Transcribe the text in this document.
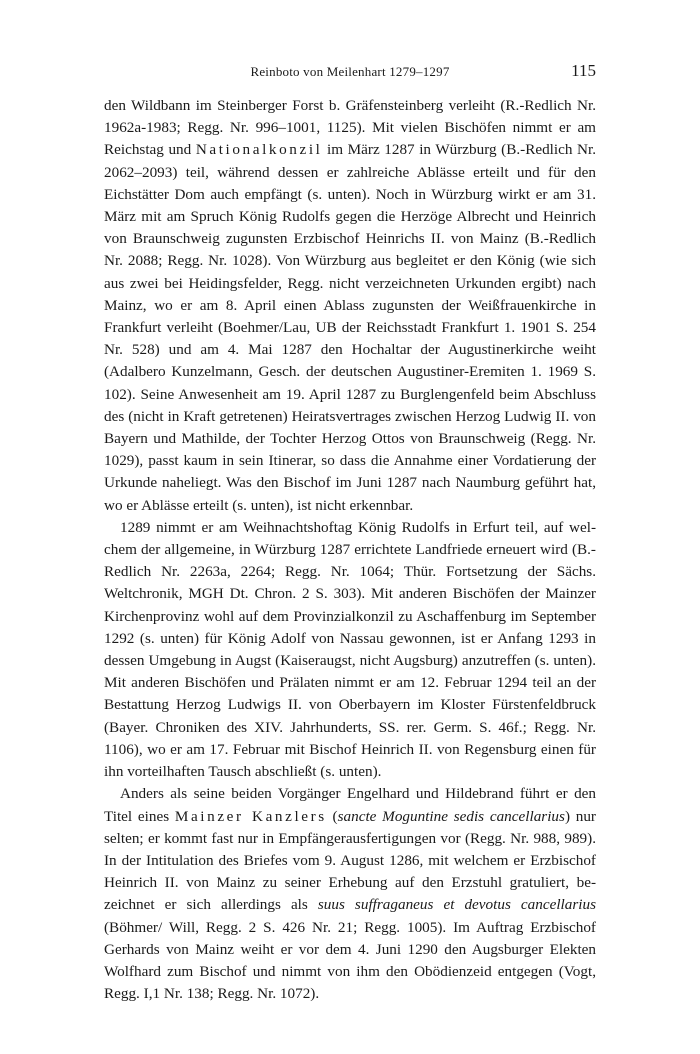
Reinboto von Meilenhart 1279–1297	115

den Wildbann im Steinberger Forst b. Gräfensteinberg verleiht (R.-Redlich Nr. 1962a-1983; Regg. Nr. 996–1001, 1125). Mit vielen Bischöfen nimmt er am Reichstag und Nationalkonzil im März 1287 in Würzburg (B.-Redlich Nr. 2062–2093) teil, während dessen er zahlreiche Ablässe erteilt und für den Eichstätter Dom auch empfängt (s. unten). Noch in Würzburg wirkt er am 31. März mit am Spruch König Rudolfs gegen die Herzöge Albrecht und Heinrich von Braunschweig zugunsten Erzbischof Heinrichs II. von Mainz (B.-Redlich Nr. 2088; Regg. Nr. 1028). Von Würzburg aus begleitet er den König (wie sich aus zwei bei Heidingsfelder, Regg. nicht verzeichneten Urkunden ergibt) nach Mainz, wo er am 8. April einen Ablass zugunsten der Weißfrauenkirche in Frankfurt verleiht (Boehmer/Lau, UB der Reichsstadt Frankfurt 1. 1901 S. 254 Nr. 528) und am 4. Mai 1287 den Hochaltar der Augustinerkirche weiht (Adalbero Kunzelmann, Gesch. der deutschen Augustiner-Eremiten 1. 1969 S. 102). Seine Anwesenheit am 19. April 1287 zu Burglengenfeld beim Abschluss des (nicht in Kraft getretenen) Heiratsvertrages zwischen Herzog Ludwig II. von Bayern und Mathilde, der Tochter Herzog Ottos von Braunschweig (Regg. Nr. 1029), passt kaum in sein Itinerar, so dass die Annahme einer Vordatierung der Urkunde naheliegt. Was den Bischof im Juni 1287 nach Naumburg geführt hat, wo er Ablässe erteilt (s. unten), ist nicht erkennbar.

1289 nimmt er am Weihnachtshoftag König Rudolfs in Erfurt teil, auf welchem der allgemeine, in Würzburg 1287 errichtete Landfriede erneuert wird (B.-Redlich Nr. 2263a, 2264; Regg. Nr. 1064; Thür. Fortsetzung der Sächs. Weltchronik, MGH Dt. Chron. 2 S. 303). Mit anderen Bischöfen der Mainzer Kirchenprovinz wohl auf dem Provinzialkonzil zu Aschaffenburg im September 1292 (s. unten) für König Adolf von Nassau gewonnen, ist er Anfang 1293 in dessen Umgebung in Augst (Kaiseraugst, nicht Augsburg) anzutreffen (s. unten). Mit anderen Bischöfen und Prälaten nimmt er am 12. Februar 1294 teil an der Bestattung Herzog Ludwigs II. von Oberbayern im Kloster Fürstenfeldbruck (Bayer. Chroniken des XIV. Jahrhunderts, SS. rer. Germ. S. 46f.; Regg. Nr. 1106), wo er am 17. Februar mit Bischof Heinrich II. von Regensburg einen für ihn vorteilhaften Tausch abschließt (s. unten).

Anders als seine beiden Vorgänger Engelhard und Hildebrand führt er den Titel eines Mainzer Kanzlers (sancte Moguntine sedis cancellarius) nur selten; er kommt fast nur in Empfängerausfertigungen vor (Regg. Nr. 988, 989). In der Intitulation des Briefes vom 9. August 1286, mit welchem er Erzbischof Heinrich II. von Mainz zu seiner Erhebung auf den Erzstuhl gratuliert, bezeichnet er sich allerdings als suus suffraganeus et devotus cancellarius (Böhmer/ Will, Regg. 2 S. 426 Nr. 21; Regg. 1005). Im Auftrag Erzbischof Gerhards von Mainz weiht er vor dem 4. Juni 1290 den Augsburger Elekten Wolfhard zum Bischof und nimmt von ihm den Obödienzeid entgegen (Vogt, Regg. I,1 Nr. 138; Regg. Nr. 1072).
